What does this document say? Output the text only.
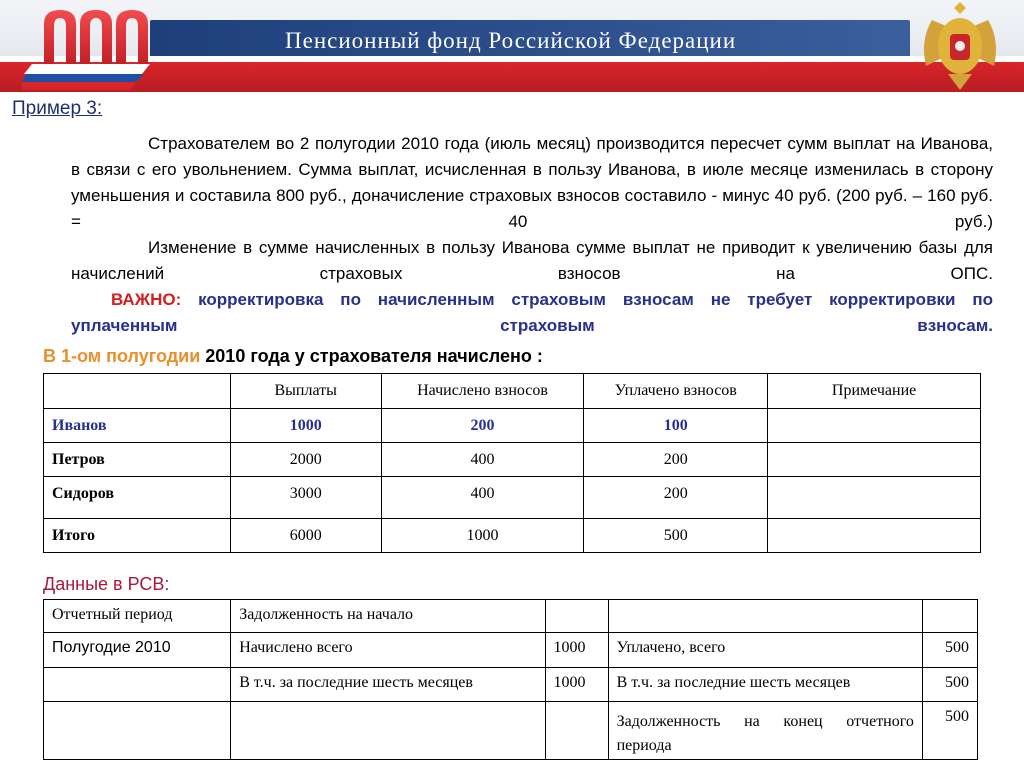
Пенсионный фонд Российской Федерации
Пример 3:
Страхователем во 2 полугодии 2010 года (июль месяц) производится пересчет сумм выплат на Иванова, в связи с его увольнением. Сумма выплат, исчисленная в пользу Иванова, в июле месяце изменилась в сторону уменьшения и составила 800 руб., доначисление страховых взносов составило - минус 40 руб. (200 руб. – 160 руб. = 40 руб.)
Изменение в сумме начисленных в пользу Иванова сумме выплат не приводит к увеличению базы для начислений страховых взносов на ОПС.
ВАЖНО: корректировка по начисленным страховым взносам не требует корректировки по уплаченным страховым взносам.
В 1-ом полугодии 2010 года у страхователя начислено :
	Выплаты	Начислено взносов	Уплачено взносов	Примечание
Иванов	1000	200	100	
Петров	2000	400	200	
Сидоров	3000	400	200	
Итого	6000	1000	500	
Данные в РСВ:
Отчетный период	Задолженность на начало			
Полугодие 2010	Начислено всего	1000	Уплачено, всего	500
	В т.ч. за последние шесть месяцев	1000	В т.ч. за последние шесть месяцев	500
			Задолженность на конец отчетного периода	500
